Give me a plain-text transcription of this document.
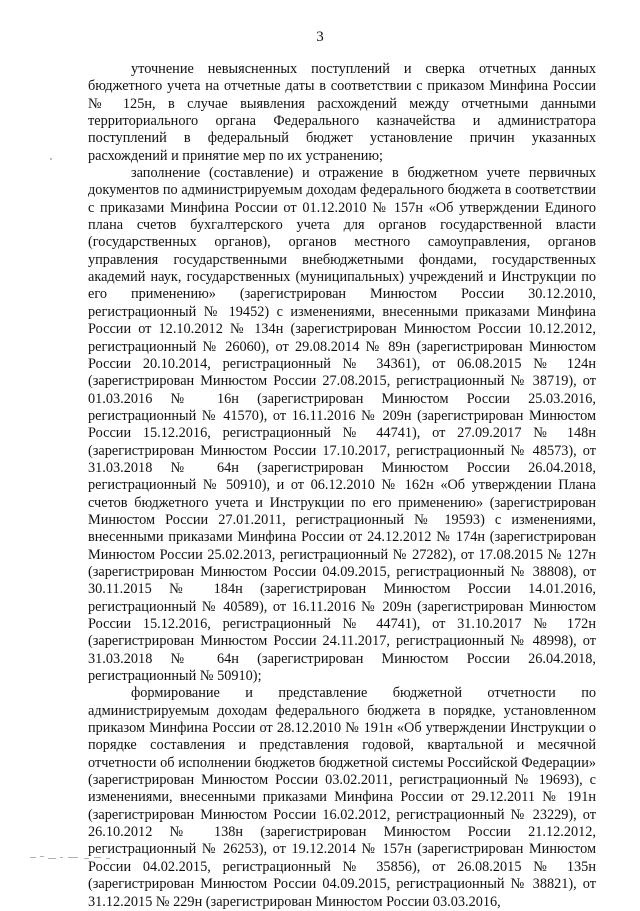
3

уточнение невыясненных поступлений и сверка отчетных данных бюджетного учета на отчетные даты в соответствии с приказом Минфина России № 125н, в случае выявления расхождений между отчетными данными территориального органа Федерального казначейства и администратора поступлений в федеральный бюджет установление причин указанных расхождений и принятие мер по их устранению;

заполнение (составление) и отражение в бюджетном учете первичных документов по администрируемым доходам федерального бюджета в соответствии с приказами Минфина России от 01.12.2010 № 157н «Об утверждении Единого плана счетов бухгалтерского учета для органов государственной власти (государственных органов), органов местного самоуправления, органов управления государственными внебюджетными фондами, государственных академий наук, государственных (муниципальных) учреждений и Инструкции по его применению» (зарегистрирован Минюстом России 30.12.2010, регистрационный № 19452) с изменениями, внесенными приказами Минфина России от 12.10.2012 № 134н (зарегистрирован Минюстом России 10.12.2012, регистрационный № 26060), от 29.08.2014 № 89н (зарегистрирован Минюстом России 20.10.2014, регистрационный № 34361), от 06.08.2015 № 124н (зарегистрирован Минюстом России 27.08.2015, регистрационный № 38719), от 01.03.2016 № 16н (зарегистрирован Минюстом России 25.03.2016, регистрационный № 41570), от 16.11.2016 № 209н (зарегистрирован Минюстом России 15.12.2016, регистрационный № 44741), от 27.09.2017 № 148н (зарегистрирован Минюстом России 17.10.2017, регистрационный № 48573), от 31.03.2018 № 64н (зарегистрирован Минюстом России 26.04.2018, регистрационный № 50910), и от 06.12.2010 № 162н «Об утверждении Плана счетов бюджетного учета и Инструкции по его применению» (зарегистрирован Минюстом России 27.01.2011, регистрационный № 19593) с изменениями, внесенными приказами Минфина России от 24.12.2012 № 174н (зарегистрирован Минюстом России 25.02.2013, регистрационный № 27282), от 17.08.2015 № 127н (зарегистрирован Минюстом России 04.09.2015, регистрационный № 38808), от 30.11.2015 № 184н (зарегистрирован Минюстом России 14.01.2016, регистрационный № 40589), от 16.11.2016 № 209н (зарегистрирован Минюстом России 15.12.2016, регистрационный № 44741), от 31.10.2017 № 172н (зарегистрирован Минюстом России 24.11.2017, регистрационный № 48998), от 31.03.2018 № 64н (зарегистрирован Минюстом России 26.04.2018, регистрационный № 50910);

формирование и представление бюджетной отчетности по администрируемым доходам федерального бюджета в порядке, установленном приказом Минфина России от 28.12.2010 № 191н «Об утверждении Инструкции о порядке составления и представления годовой, квартальной и месячной отчетности об исполнении бюджетов бюджетной системы Российской Федерации» (зарегистрирован Минюстом России 03.02.2011, регистрационный № 19693), с изменениями, внесенными приказами Минфина России от 29.12.2011 № 191н (зарегистрирован Минюстом России 16.02.2012, регистрационный № 23229), от 26.10.2012 № 138н (зарегистрирован Минюстом России 21.12.2012, регистрационный № 26253), от 19.12.2014 № 157н (зарегистрирован Минюстом России 04.02.2015, регистрационный № 35856), от 26.08.2015 № 135н (зарегистрирован Минюстом России 04.09.2015, регистрационный № 38821), от 31.12.2015 № 229н (зарегистрирован Минюстом России 03.03.2016,
